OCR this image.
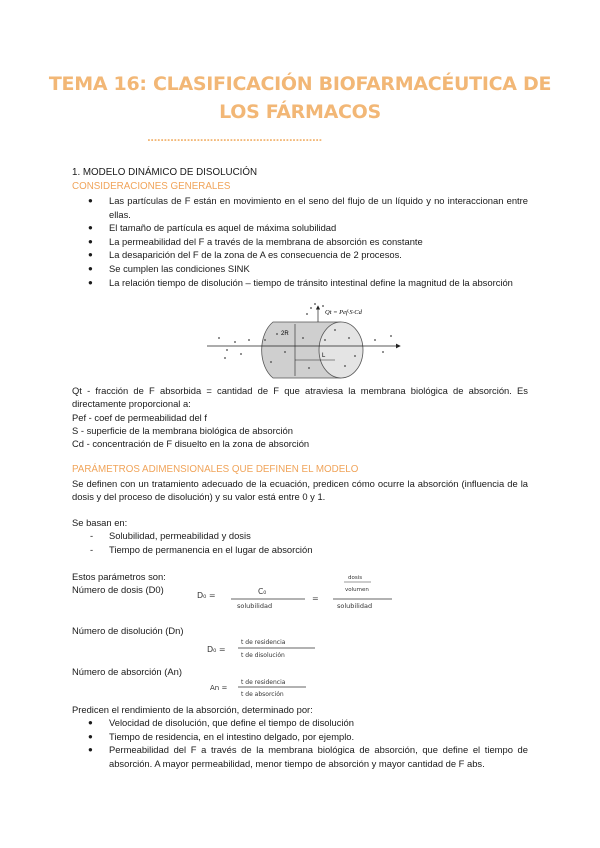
TEMA 16: CLASIFICACIÓN BIOFARMACÉUTICA DE
LOS FÁRMACOS
.....................................................
1. MODELO DINÁMICO DE DISOLUCIÓN
CONSIDERACIONES GENERALES
● Las partículas de F están en movimiento en el seno del flujo de un líquido y no interaccionan entre ellas.
● El tamaño de partícula es aquel de máxima solubilidad
● La permeabilidad del F a través de la membrana de absorción es constante
● La desaparición del F de la zona de A es consecuencia de 2 procesos.
● Se cumplen las condiciones SINK
● La relación tiempo de disolución – tiempo de tránsito intestinal define la magnitud de la absorción
2R
L
Qt = Pef·S·Cd
Qt - fracción de F absorbida = cantidad de F que atraviesa la membrana biológica de absorción. Es directamente proporcional a:
Pef - coef de permeabilidad del f
S - superficie de la membrana biológica de absorción
Cd - concentración de F disuelto en la zona de absorción
PARÁMETROS ADIMENSIONALES QUE DEFINEN EL MODELO
Se definen con un tratamiento adecuado de la ecuación, predicen cómo ocurre la absorción (influencia de la dosis y del proceso de disolución) y su valor está entre 0 y 1.
Se basan en:
- Solubilidad, permeabilidad y dosis
- Tiempo de permanencia en el lugar de absorción
Estos parámetros son:
Número de dosis (D0)
D₀ =	C₀
solubilidad
=
dosis
volumen
solubilidad
Número de disolución (Dn)
D₀ =
t de residencia
t de disolución
Número de absorción (An)
An =
t de residencia
t de absorción
Predicen el rendimiento de la absorción, determinado por:
● Velocidad de disolución, que define el tiempo de disolución
● Tiempo de residencia, en el intestino delgado, por ejemplo.
● Permeabilidad del F a través de la membrana biológica de absorción, que define el tiempo de absorción. A mayor permeabilidad, menor tiempo de absorción y mayor cantidad de F abs.
